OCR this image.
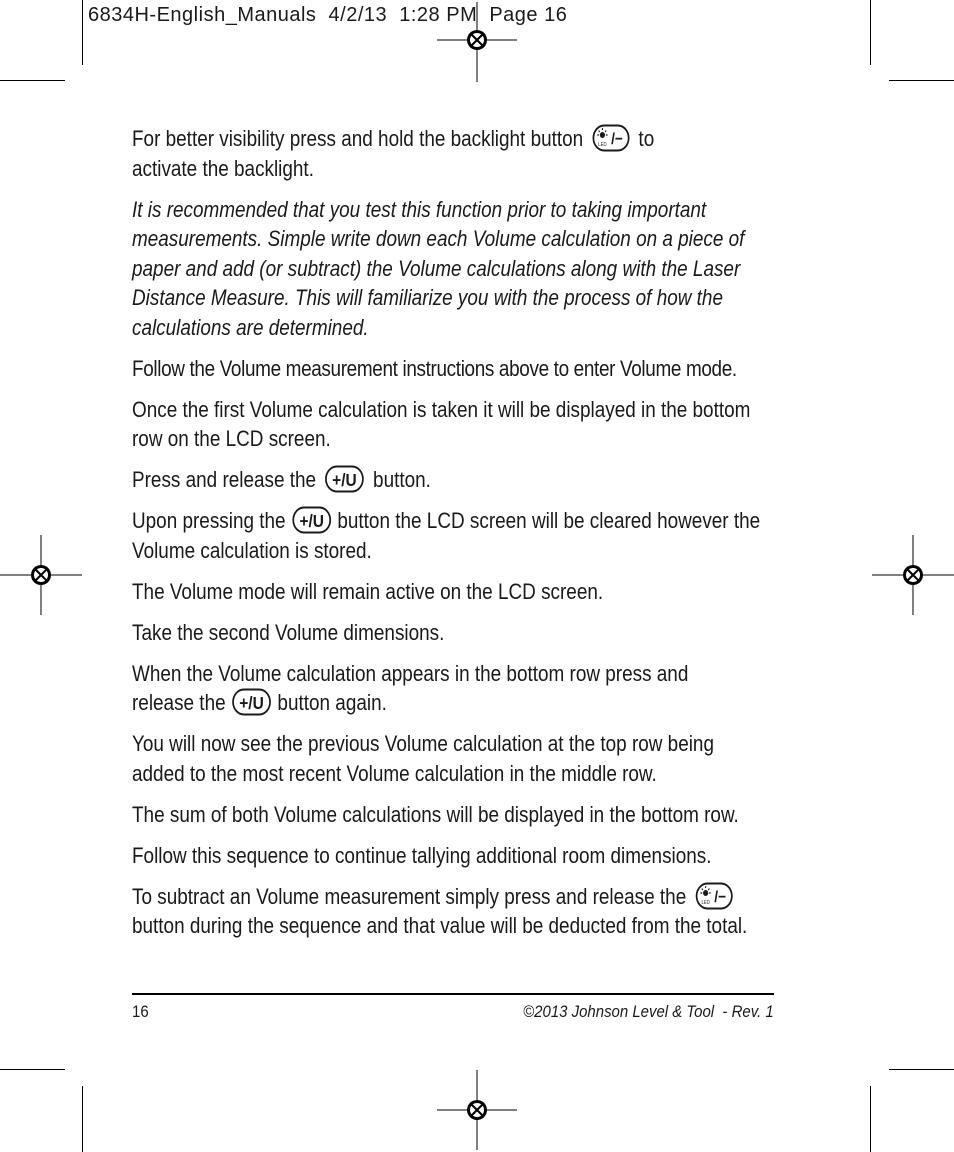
6834H-English_Manuals  4/2/13  1:28 PM  Page 16

For better visibility press and hold the backlight button	LED /− to
activate the backlight.

It is recommended that you test this function prior to taking important measurements. Simple write down each Volume calculation on a piece of paper and add (or subtract) the Volume calculations along with the Laser Distance Measure. This will familiarize you with the process of how the calculations are determined.

Follow the Volume measurement instructions above to enter Volume mode.

Once the first Volume calculation is taken it will be displayed in the bottom row on the LCD screen.

Press and release the +/U button.

Upon pressing the +/U button the LCD screen will be cleared however the Volume calculation is stored.

The Volume mode will remain active on the LCD screen.

Take the second Volume dimensions.

When the Volume calculation appears in the bottom row press and release the +/U button again.

You will now see the previous Volume calculation at the top row being added to the most recent Volume calculation in the middle row.

The sum of both Volume calculations will be displayed in the bottom row.

Follow this sequence to continue tallying additional room dimensions.

To subtract an Volume measurement simply press and release the	LED /−

button during the sequence and that value will be deducted from the total.

16	©2013 Johnson Level & Tool  - Rev. 1
